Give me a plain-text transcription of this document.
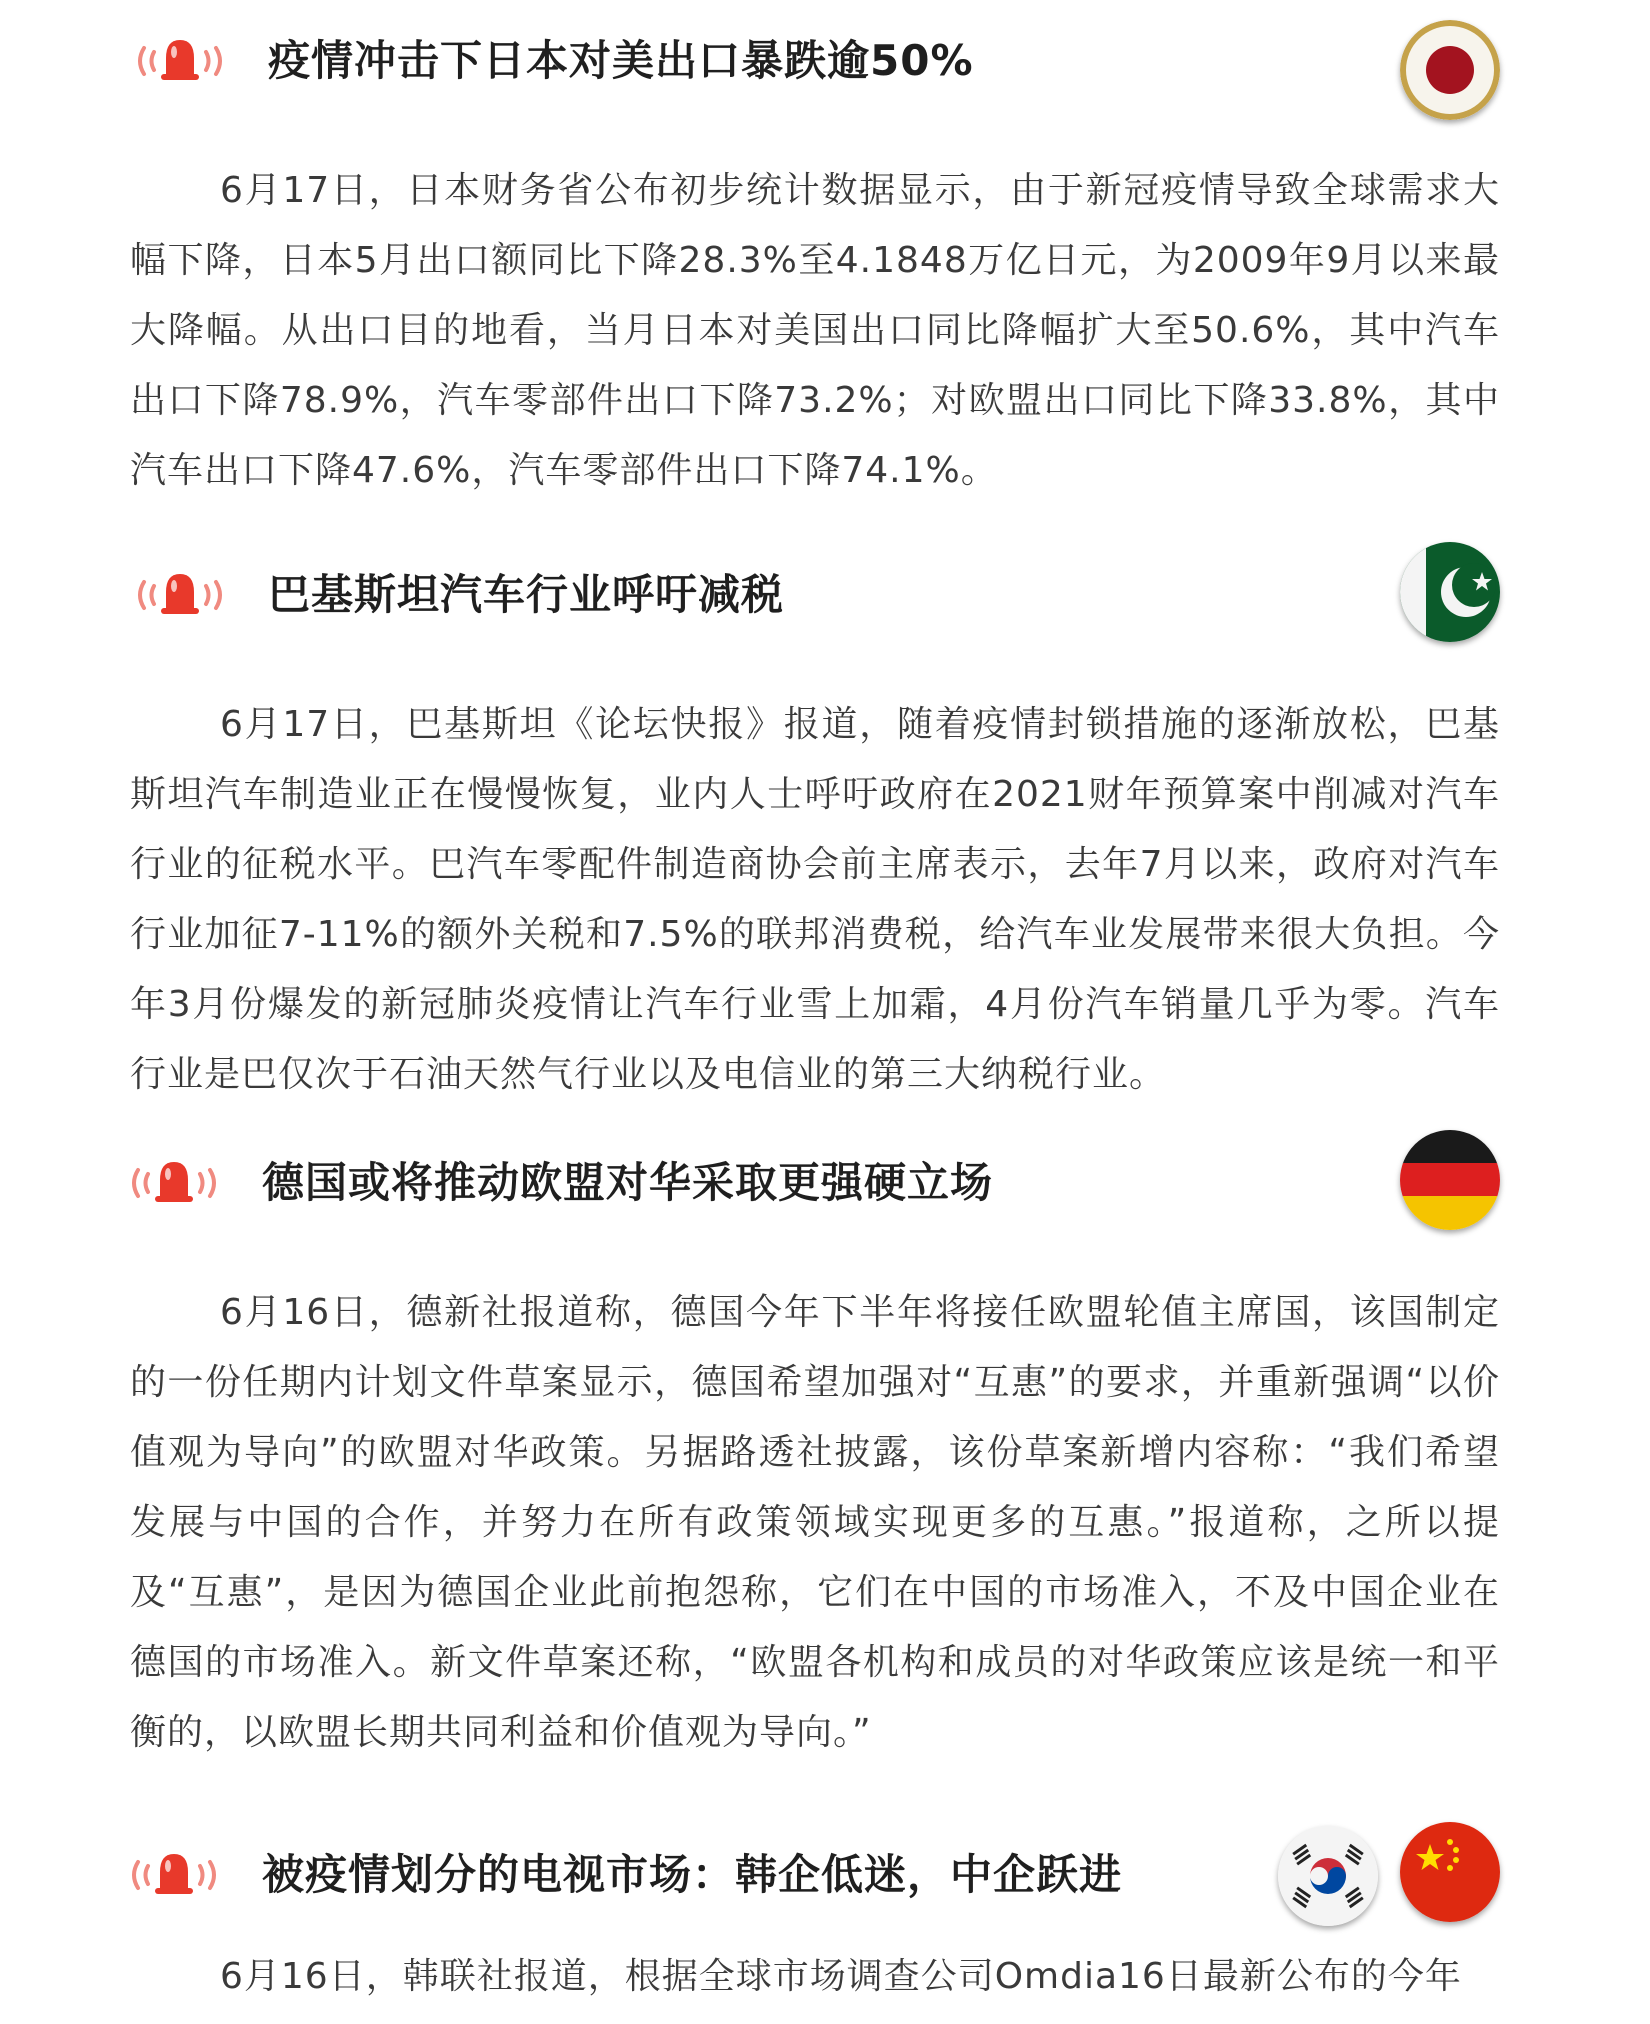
疫情冲击下日本对美出口暴跌逾50%

6月17日，日本财务省公布初步统计数据显示，由于新冠疫情导致全球需求大幅下降，日本5月出口额同比下降28.3%至4.1848万亿日元，为2009年9月以来最大降幅。从出口目的地看，当月日本对美国出口同比降幅扩大至50.6%，其中汽车出口下降78.9%，汽车零部件出口下降73.2%；对欧盟出口同比下降33.8%，其中汽车出口下降47.6%，汽车零部件出口下降74.1%。

巴基斯坦汽车行业呼吁减税

6月17日，巴基斯坦《论坛快报》报道，随着疫情封锁措施的逐渐放松，巴基斯坦汽车制造业正在慢慢恢复，业内人士呼吁政府在2021财年预算案中削减对汽车行业的征税水平。巴汽车零配件制造商协会前主席表示，去年7月以来，政府对汽车行业加征7-11%的额外关税和7.5%的联邦消费税，给汽车业发展带来很大负担。今年3月份爆发的新冠肺炎疫情让汽车行业雪上加霜，4月份汽车销量几乎为零。汽车行业是巴仅次于石油天然气行业以及电信业的第三大纳税行业。

德国或将推动欧盟对华采取更强硬立场

6月16日，德新社报道称，德国今年下半年将接任欧盟轮值主席国，该国制定的一份任期内计划文件草案显示，德国希望加强对“互惠”的要求，并重新强调“以价值观为导向”的欧盟对华政策。另据路透社披露，该份草案新增内容称：“我们希望发展与中国的合作，并努力在所有政策领域实现更多的互惠。”报道称，之所以提及“互惠”，是因为德国企业此前抱怨称，它们在中国的市场准入，不及中国企业在德国的市场准入。新文件草案还称，“欧盟各机构和成员的对华政策应该是统一和平衡的，以欧盟长期共同利益和价值观为导向。”

被疫情划分的电视市场：韩企低迷，中企跃进

6月16日，韩联社报道，根据全球市场调查公司Omdia16日最新公布的今年
